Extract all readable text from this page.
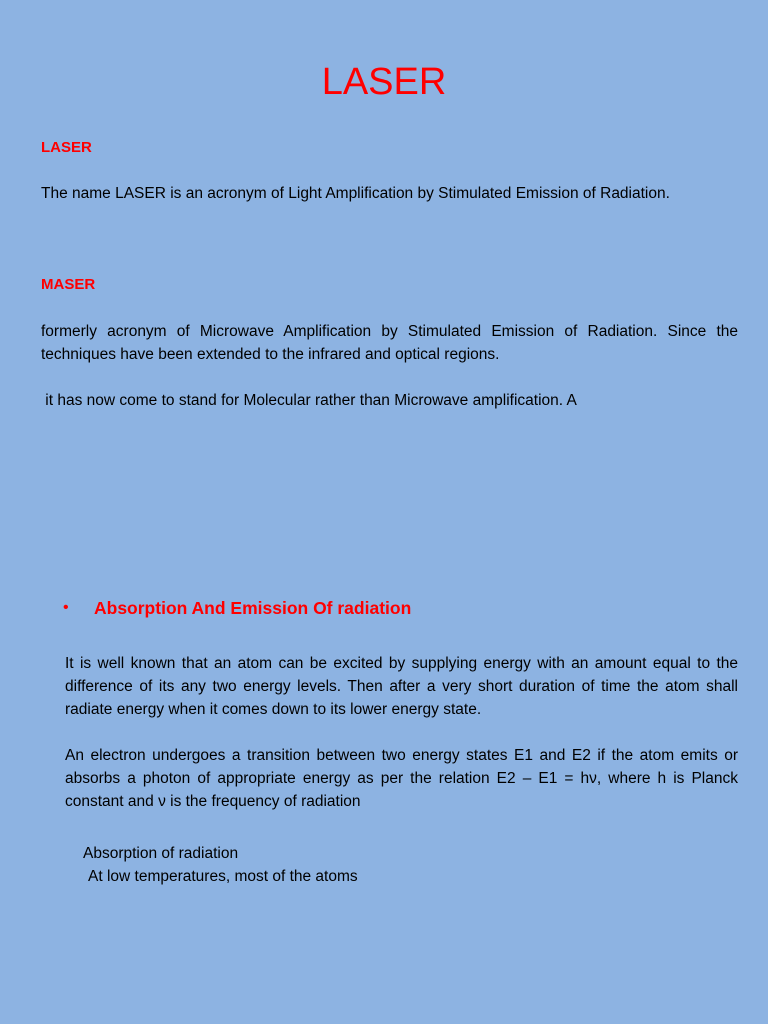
LASER
LASER
The name LASER is an acronym of Light Amplification by Stimulated Emission of Radiation.
MASER
formerly acronym of Microwave Amplification by Stimulated Emission of Radiation. Since the techniques have been extended to the infrared and optical regions.
it has now come to stand for Molecular rather than Microwave amplification. A
• Absorption And Emission Of radiation
It is well known that an atom can be excited by supplying energy with an amount equal to the difference of its any two energy levels. Then after a very short duration of time the atom shall radiate energy when it comes down to its lower energy state.
An electron undergoes a transition between two energy states E1 and E2 if the atom emits or absorbs a photon of appropriate energy as per the relation E2 – E1 = hν, where h is Planck constant and ν is the frequency of radiation
Absorption of radiation
At low temperatures, most of the atoms
